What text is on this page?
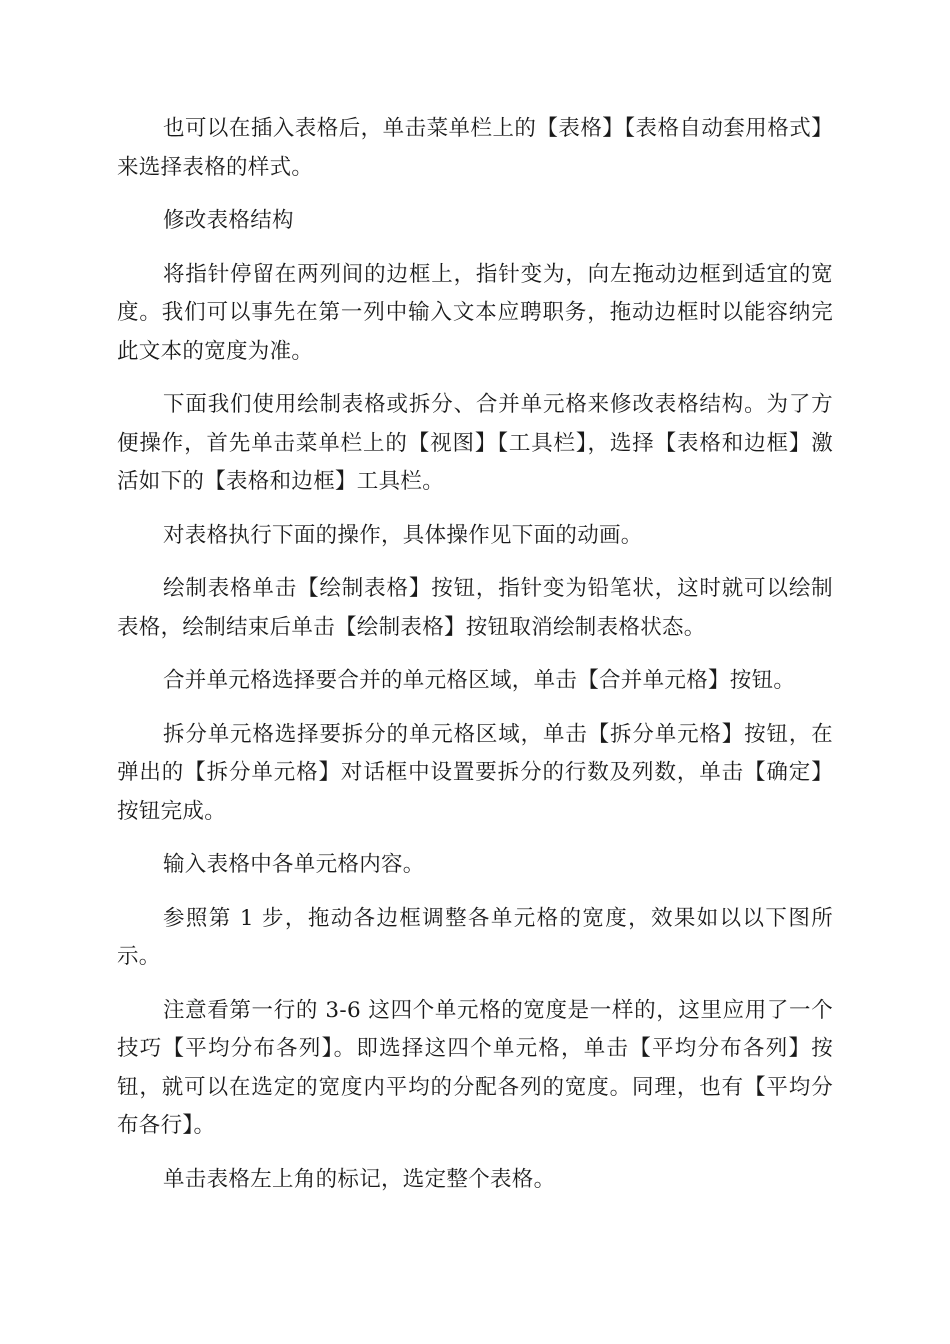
也可以在插入表格后，单击菜单栏上的【表格】【表格自动套用格式】来选择表格的样式。

修改表格结构

将指针停留在两列间的边框上，指针变为，向左拖动边框到适宜的宽度。我们可以事先在第一列中输入文本应聘职务，拖动边框时以能容纳完此文本的宽度为准。

下面我们使用绘制表格或拆分、合并单元格来修改表格结构。为了方便操作，首先单击菜单栏上的【视图】【工具栏】，选择【表格和边框】激活如下的【表格和边框】工具栏。

对表格执行下面的操作，具体操作见下面的动画。

绘制表格单击【绘制表格】按钮，指针变为铅笔状，这时就可以绘制表格，绘制结束后单击【绘制表格】按钮取消绘制表格状态。

合并单元格选择要合并的单元格区域，单击【合并单元格】按钮。

拆分单元格选择要拆分的单元格区域，单击【拆分单元格】按钮，在弹出的【拆分单元格】对话框中设置要拆分的行数及列数，单击【确定】按钮完成。

输入表格中各单元格内容。

参照第 1 步，拖动各边框调整各单元格的宽度，效果如以以下图所示。

注意看第一行的 3-6 这四个单元格的宽度是一样的，这里应用了一个技巧【平均分布各列】。即选择这四个单元格，单击【平均分布各列】按钮，就可以在选定的宽度内平均的分配各列的宽度。同理，也有【平均分布各行】。

单击表格左上角的标记，选定整个表格。
